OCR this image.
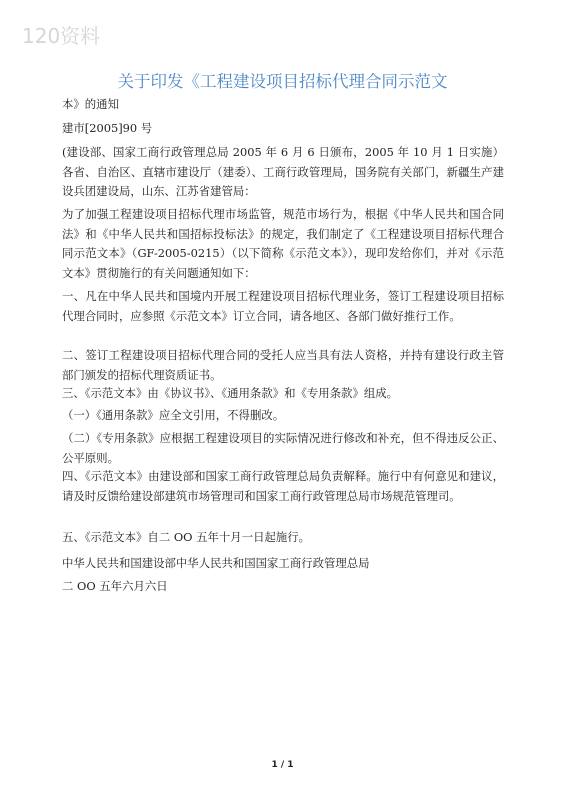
120资料
关于印发《工程建设项目招标代理合同示范文
本》的通知
建市[2005]90 号

(建设部、国家工商行政管理总局 2005 年 6 月 6 日颁布，2005 年 10 月 1 日实施）各省、自治区、直辖市建设厅（建委）、工商行政管理局，国务院有关部门，新疆生产建设兵团建设局，山东、江苏省建管局：

为了加强工程建设项目招标代理市场监管，规范市场行为，根据《中华人民共和国合同法》和《中华人民共和国招标投标法》的规定，我们制定了《工程建设项目招标代理合同示范文本》（GF-2005-0215）（以下简称《示范文本》），现印发给你们，并对《示范文本》贯彻施行的有关问题通知如下：

一、凡在中华人民共和国境内开展工程建设项目招标代理业务，签订工程建设项目招标代理合同时，应参照《示范文本》订立合同，请各地区、各部门做好推行工作。

二、签订工程建设项目招标代理合同的受托人应当具有法人资格，并持有建设行政主管部门颁发的招标代理资质证书。

三、《示范文本》由《协议书》、《通用条款》和《专用条款》组成。

（一）《通用条款》应全文引用，不得删改。

（二）《专用条款》应根据工程建设项目的实际情况进行修改和补充，但不得违反公正、公平原则。

四、《示范文本》由建设部和国家工商行政管理总局负责解释。施行中有何意见和建议，请及时反馈给建设部建筑市场管理司和国家工商行政管理总局市场规范管理司。

五、《示范文本》自二 OO 五年十月一日起施行。

中华人民共和国建设部中华人民共和国国家工商行政管理总局
二 OO 五年六月六日
1 / 1
